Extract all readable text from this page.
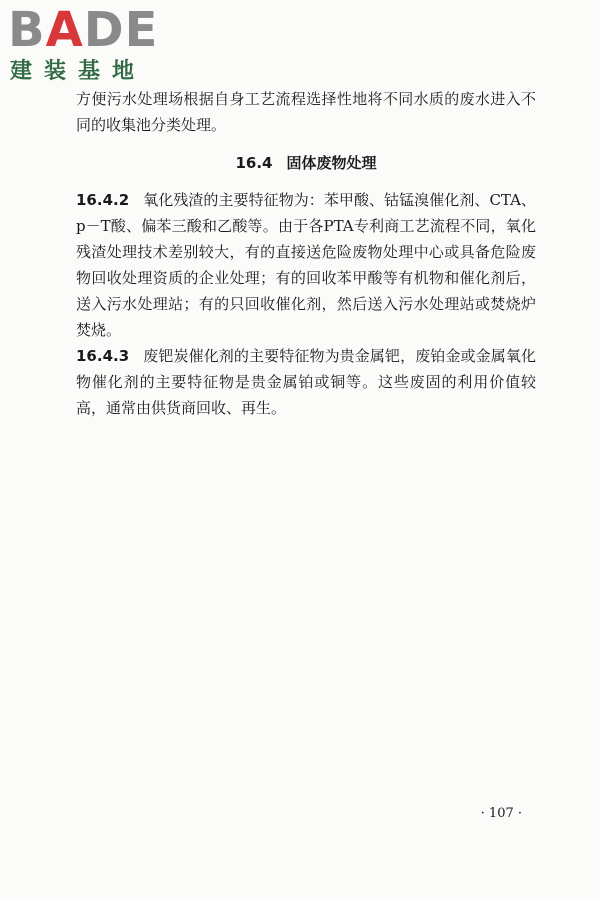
BADE
建装基地

方便污水处理场根据自身工艺流程选择性地将不同水质的废水进入不同的收集池分类处理。

16.4 固体废物处理

16.4.2 氧化残渣的主要特征物为：苯甲酸、钴锰溴催化剂、CTA、p－T酸、偏苯三酸和乙酸等。由于各PTA专利商工艺流程不同，氧化残渣处理技术差别较大，有的直接送危险废物处理中心或具备危险废物回收处理资质的企业处理；有的回收苯甲酸等有机物和催化剂后，送入污水处理站；有的只回收催化剂，然后送入污水处理站或焚烧炉焚烧。

16.4.3 废钯炭催化剂的主要特征物为贵金属钯，废铂金或金属氧化物催化剂的主要特征物是贵金属铂或铜等。这些废固的利用价值较高，通常由供货商回收、再生。

· 107 ·
